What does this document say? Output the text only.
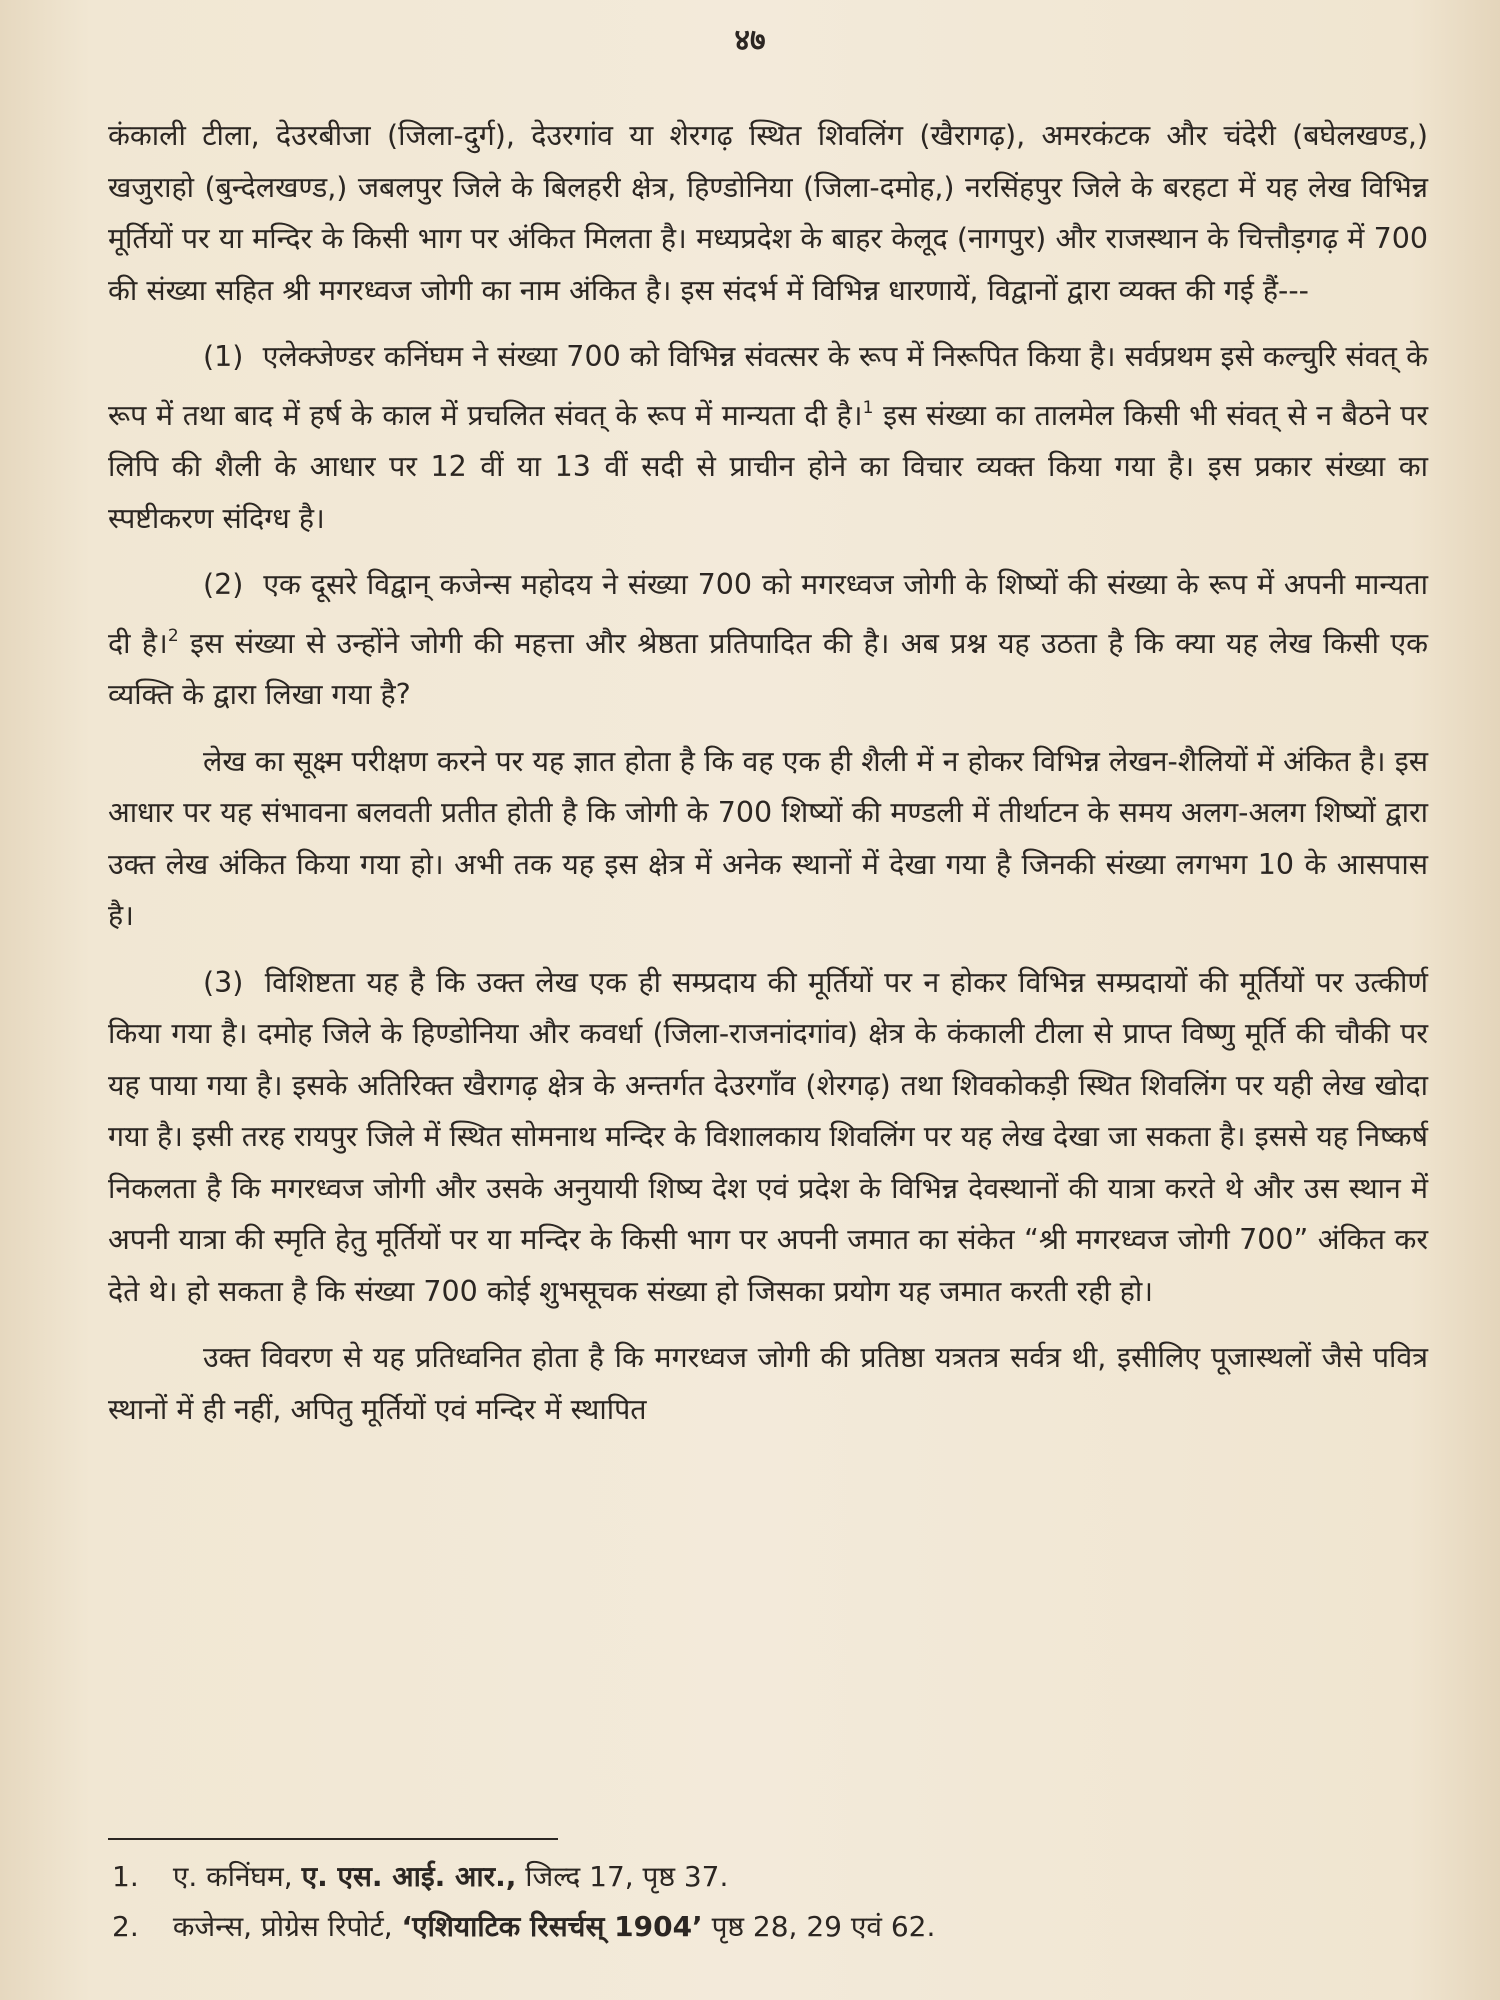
४७

कंकाली टीला, देउरबीजा (जिला-दुर्ग), देउरगांव या शेरगढ़ स्थित शिवलिंग (खैरागढ़), अमरकंटक और चंदेरी (बघेलखण्ड,) खजुराहो (बुन्देलखण्ड,) जबलपुर जिले के बिलहरी क्षेत्र, हिण्डोनिया (जिला-दमोह,) नरसिंहपुर जिले के बरहटा में यह लेख विभिन्न मूर्तियों पर या मन्दिर के किसी भाग पर अंकित मिलता है। मध्यप्रदेश के बाहर केलूद (नागपुर) और राजस्थान के चित्तौड़गढ़ में 700 की संख्या सहित श्री मगरध्वज जोगी का नाम अंकित है। इस संदर्भ में विभिन्न धारणायें, विद्वानों द्वारा व्यक्त की गई हैं---

(1) एलेक्जेण्डर कनिंघम ने संख्या 700 को विभिन्न संवत्सर के रूप में निरूपित किया है। सर्वप्रथम इसे कल्चुरि संवत् के रूप में तथा बाद में हर्ष के काल में प्रचलित संवत् के रूप में मान्यता दी है।$^1$ इस संख्या का तालमेल किसी भी संवत् से न बैठने पर लिपि की शैली के आधार पर 12 वीं या 13 वीं सदी से प्राचीन होने का विचार व्यक्त किया गया है। इस प्रकार संख्या का स्पष्टीकरण संदिग्ध है।

(2) एक दूसरे विद्वान् कजेन्स महोदय ने संख्या 700 को मगरध्वज जोगी के शिष्यों की संख्या के रूप में अपनी मान्यता दी है।$^2$ इस संख्या से उन्होंने जोगी की महत्ता और श्रेष्ठता प्रतिपादित की है। अब प्रश्न यह उठता है कि क्या यह लेख किसी एक व्यक्ति के द्वारा लिखा गया है?

लेख का सूक्ष्म परीक्षण करने पर यह ज्ञात होता है कि वह एक ही शैली में न होकर विभिन्न लेखन-शैलियों में अंकित है। इस आधार पर यह संभावना बलवती प्रतीत होती है कि जोगी के 700 शिष्यों की मण्डली में तीर्थाटन के समय अलग-अलग शिष्यों द्वारा उक्त लेख अंकित किया गया हो। अभी तक यह इस क्षेत्र में अनेक स्थानों में देखा गया है जिनकी संख्या लगभग 10 के आसपास है।

(3) विशिष्टता यह है कि उक्त लेख एक ही सम्प्रदाय की मूर्तियों पर न होकर विभिन्न सम्प्रदायों की मूर्तियों पर उत्कीर्ण किया गया है। दमोह जिले के हिण्डोनिया और कवर्धा (जिला-राजनांदगांव) क्षेत्र के कंकाली टीला से प्राप्त विष्णु मूर्ति की चौकी पर यह पाया गया है। इसके अतिरिक्त खैरागढ़ क्षेत्र के अन्तर्गत देउरगाँव (शेरगढ़) तथा शिवकोकड़ी स्थित शिवलिंग पर यही लेख खोदा गया है। इसी तरह रायपुर जिले में स्थित सोमनाथ मन्दिर के विशालकाय शिवलिंग पर यह लेख देखा जा सकता है। इससे यह निष्कर्ष निकलता है कि मगरध्वज जोगी और उसके अनुयायी शिष्य देश एवं प्रदेश के विभिन्न देवस्थानों की यात्रा करते थे और उस स्थान में अपनी यात्रा की स्मृति हेतु मूर्तियों पर या मन्दिर के किसी भाग पर अपनी जमात का संकेत “श्री मगरध्वज जोगी 700” अंकित कर देते थे। हो सकता है कि संख्या 700 कोई शुभसूचक संख्या हो जिसका प्रयोग यह जमात करती रही हो।

उक्त विवरण से यह प्रतिध्वनित होता है कि मगरध्वज जोगी की प्रतिष्ठा यत्रतत्र सर्वत्र थी, इसीलिए पूजास्थलों जैसे पवित्र स्थानों में ही नहीं, अपितु मूर्तियों एवं मन्दिर में स्थापित

1. ए. कनिंघम, ए. एस. आई. आर., जिल्द 17, पृष्ठ 37.

2. कजेन्स, प्रोग्रेस रिपोर्ट, ‘एशियाटिक रिसर्चस् 1904’ पृष्ठ 28, 29 एवं 62.
